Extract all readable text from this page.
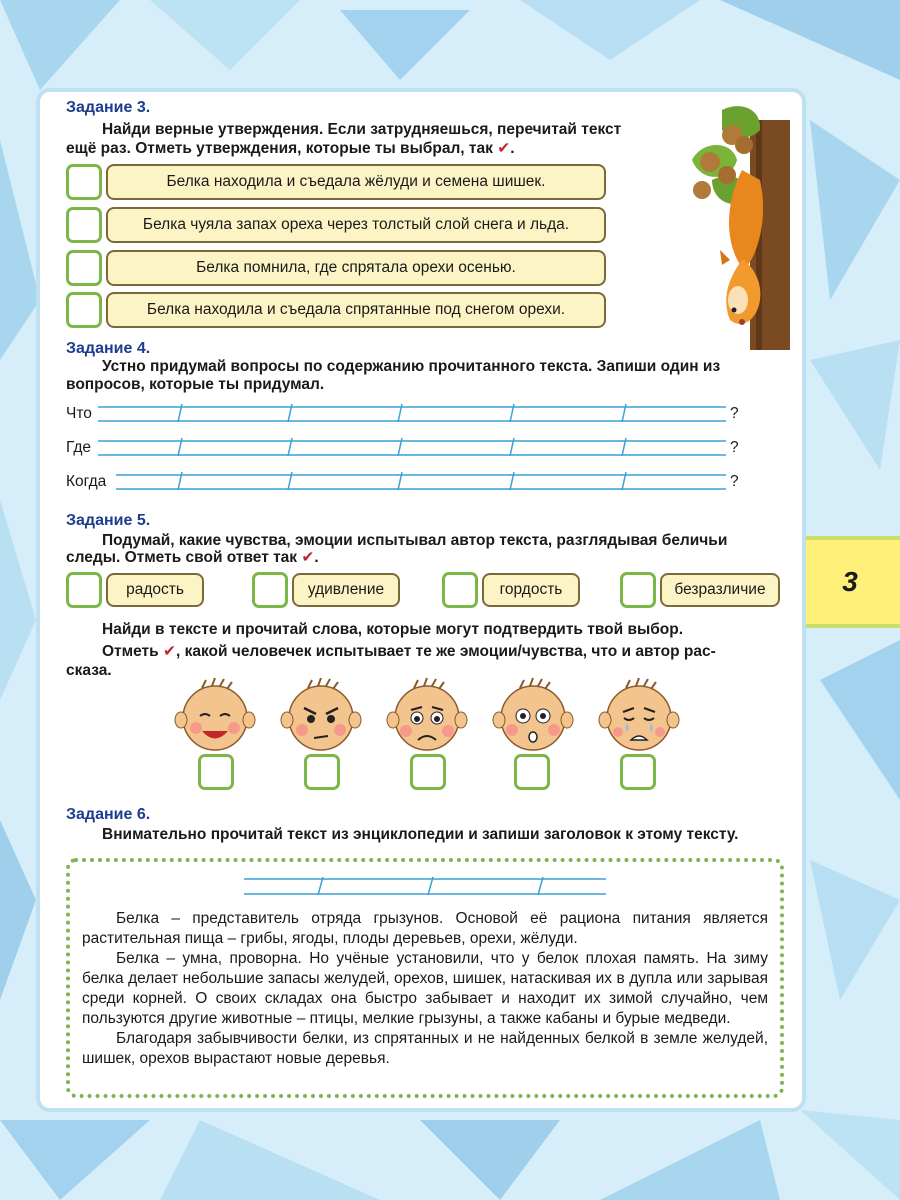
3
Задание 3.
Найди верные утверждения. Если затрудняешься, перечитай текст
ещё раз. Отметь утверждения, которые ты выбрал, так ✔.
Белка находила и съедала жёлуди и семена шишек.
Белка чуяла запах ореха через толстый слой снега и льда.
Белка помнила, где спрятала орехи осенью.
Белка находила и съедала спрятанные под снегом орехи.
Задание 4.
Устно придумай вопросы по содержанию прочитанного текста. Запиши один из
вопросов, которые ты придумал.
Что	?
Где	?
Когда	?
Задание 5.
Подумай, какие чувства, эмоции испытывал автор текста, разглядывая беличьи
следы. Отметь свой ответ так ✔.
радость	удивление	гордость	безразличие
Найди в тексте и прочитай слова, которые могут подтвердить твой выбор.
Отметь ✔, какой человечек испытывает те же эмоции/чувства, что и автор рас-
сказа.
Задание 6.
Внимательно прочитай текст из энциклопедии и запиши заголовок к этому тексту.

Белка – представитель отряда грызунов. Основой её рациона питания является растительная пища – грибы, ягоды, плоды деревьев, орехи, жёлуди.

Белка – умна, проворна. Но учёные установили, что у белок плохая память. На зиму белка делает небольшие запасы желудей, орехов, шишек, натаскивая их в дупла или зарывая среди корней. О своих складах она быстро забывает и находит их зимой случайно, чем пользуются другие животные – птицы, мелкие грызуны, а также кабаны и бурые медведи.

Благодаря забывчивости белки, из спрятанных и не найденных белкой в земле желудей, шишек, орехов вырастают новые деревья.
